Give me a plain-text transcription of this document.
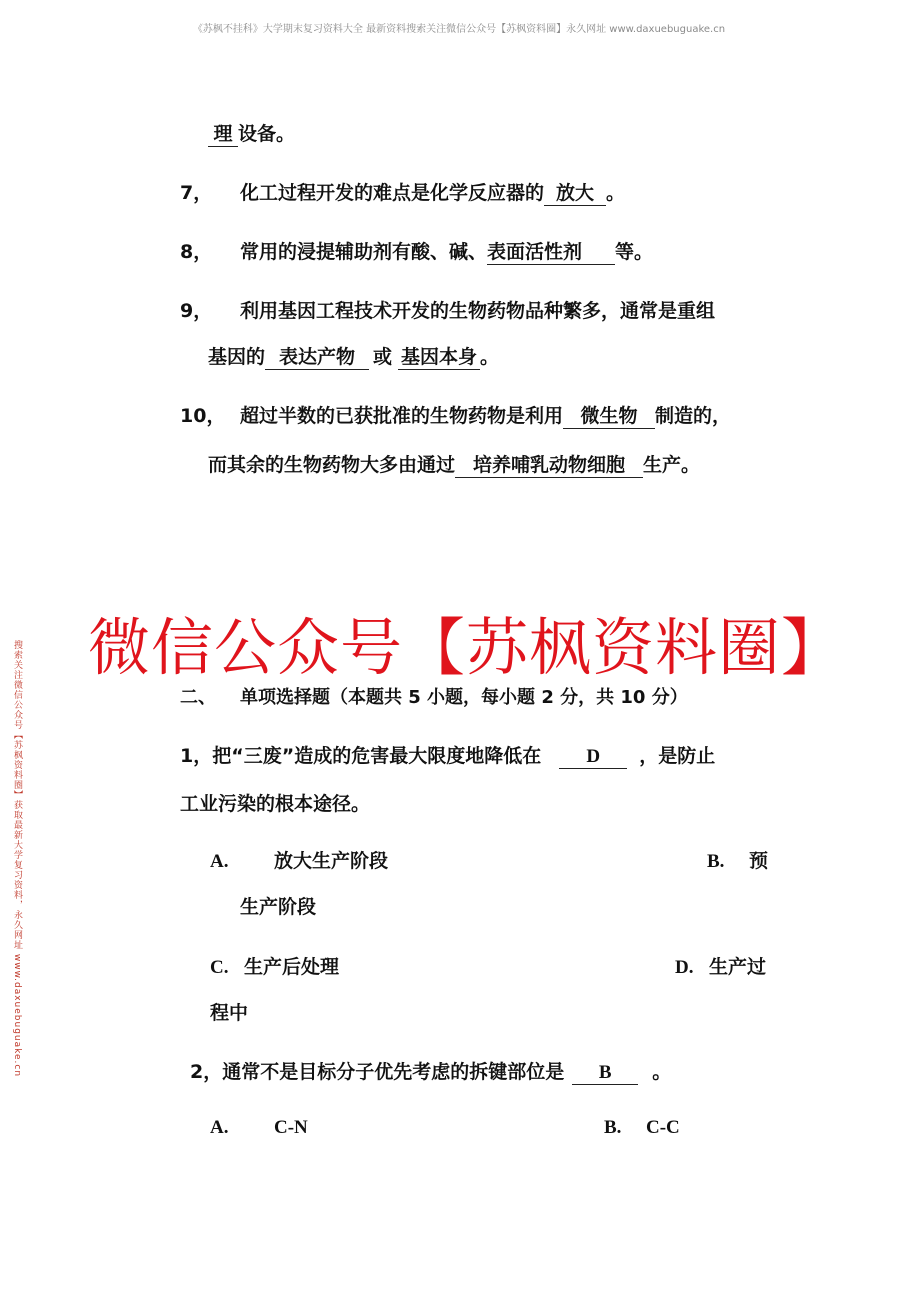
《苏枫不挂科》大学期末复习资料大全 最新资料搜索关注微信公众号【苏枫资料圈】永久网址 www.daxuebuguake.cn
搜索关注微信公众号【苏枫资料圈】获取最新大学复习资料，永久网址 www.daxuebuguake.cn
理 设备。
7， 化工过程开发的难点是化学反应器的 放大 。
8， 常用的浸提辅助剂有酸、碱、表面活性剂 等。
9， 利用基因工程技术开发的生物药物品种繁多，通常是重组
基因的 表达产物 或 基因本身 。
10， 超过半数的已获批准的生物药物是利用 微生物 制造的，
而其余的生物药物大多由通过 培养哺乳动物细胞 生产。
微信公众号【苏枫资料圈】
二、 单项选择题（本题共 5 小题，每小题 2 分，共 10 分）
1，把“三废”造成的危害最大限度地降低在 D ，是防止
工业污染的根本途径。
A. 放大生产阶段	B. 预
生产阶段
C. 生产后处理	D. 生产过
程中
2，通常不是目标分子优先考虑的拆键部位是 B 。
A. C-N	B. C-C
